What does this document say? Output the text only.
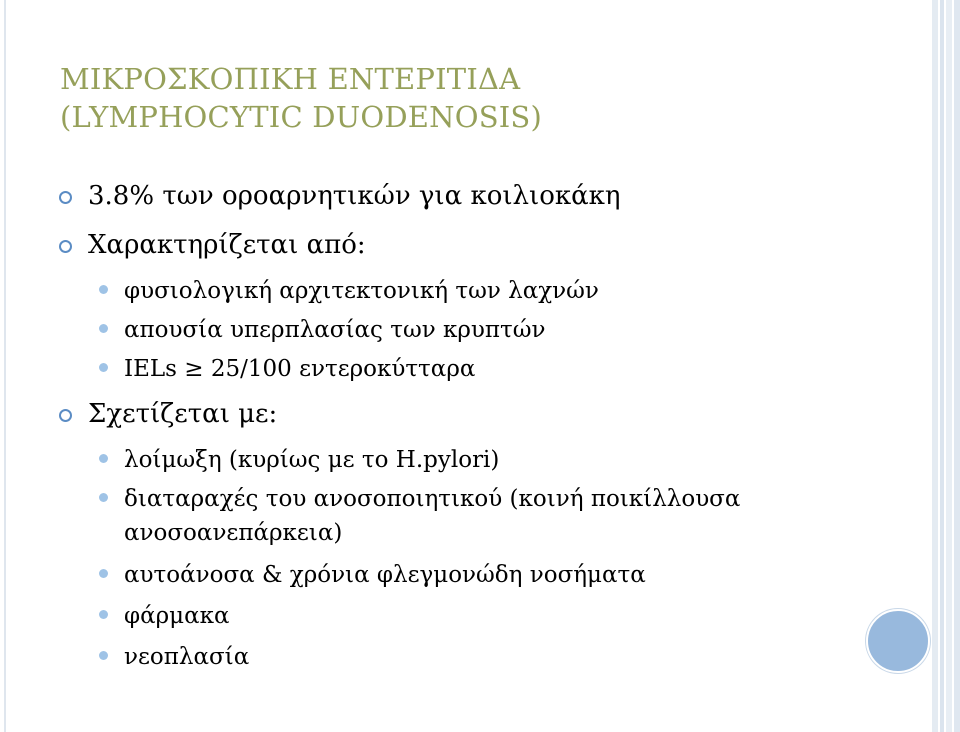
ΜΙΚΡΟΣΚΟΠΙΚΗ ΕΝΤΕΡΙΤΙΔΑ
(LYMPHOCYTIC DUODENOSIS)
3.8% των οροαρνητικών για κοιλιοκάκη
Χαρακτηρίζεται από:
φυσιολογική αρχιτεκτονική των λαχνών
απουσία υπερπλασίας των κρυπτών
IELs ≥ 25/100 εντεροκύτταρα
Σχετίζεται με:
λοίμωξη (κυρίως με το H.pylori)
διαταραχές του ανοσοποιητικού (κοινή ποικίλλουσα
ανοσοανεπάρκεια)
αυτοάνοσα & χρόνια φλεγμονώδη νοσήματα
φάρμακα
νεοπλασία
